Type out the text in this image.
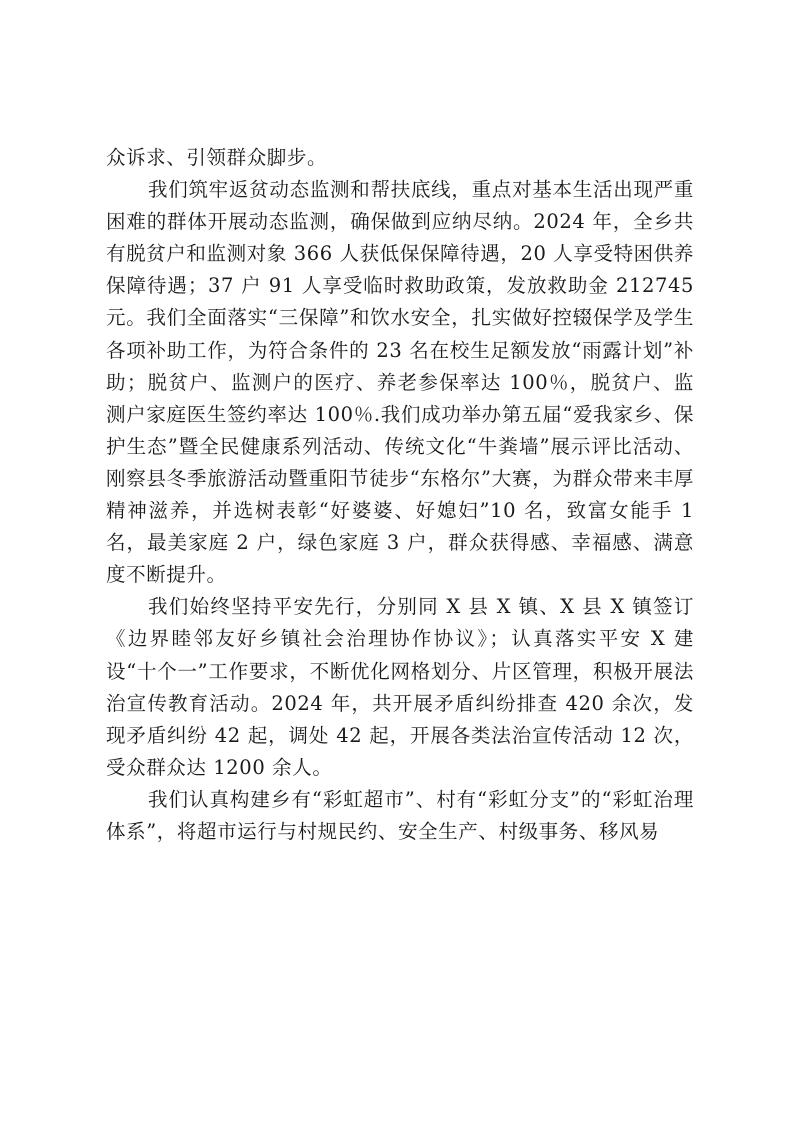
众诉求、引领群众脚步。

我们筑牢返贫动态监测和帮扶底线，重点对基本生活出现严重困难的群体开展动态监测，确保做到应纳尽纳。2024 年，全乡共有脱贫户和监测对象 366 人获低保保障待遇，20 人享受特困供养保障待遇；37 户 91 人享受临时救助政策，发放救助金 212745 元。我们全面落实“三保障”和饮水安全，扎实做好控辍保学及学生各项补助工作，为符合条件的 23 名在校生足额发放“雨露计划”补助；脱贫户、监测户的医疗、养老参保率达 100％，脱贫户、监测户家庭医生签约率达 100％.我们成功举办第五届“爱我家乡、保护生态”暨全民健康系列活动、传统文化“牛粪墙”展示评比活动、刚察县冬季旅游活动暨重阳节徒步“东格尔”大赛，为群众带来丰厚精神滋养，并选树表彰“好婆婆、好媳妇”10 名，致富女能手 1 名，最美家庭 2 户，绿色家庭 3 户，群众获得感、幸福感、满意度不断提升。

我们始终坚持平安先行，分别同 X 县 X 镇、X 县 X 镇签订《边界睦邻友好乡镇社会治理协作协议》；认真落实平安 X 建设“十个一”工作要求，不断优化网格划分、片区管理，积极开展法治宣传教育活动。2024 年，共开展矛盾纠纷排查 420 余次，发现矛盾纠纷 42 起，调处 42 起，开展各类法治宣传活动 12 次，受众群众达 1200 余人。

我们认真构建乡有“彩虹超市”、村有“彩虹分支”的“彩虹治理体系”，将超市运行与村规民约、安全生产、村级事务、移风易
